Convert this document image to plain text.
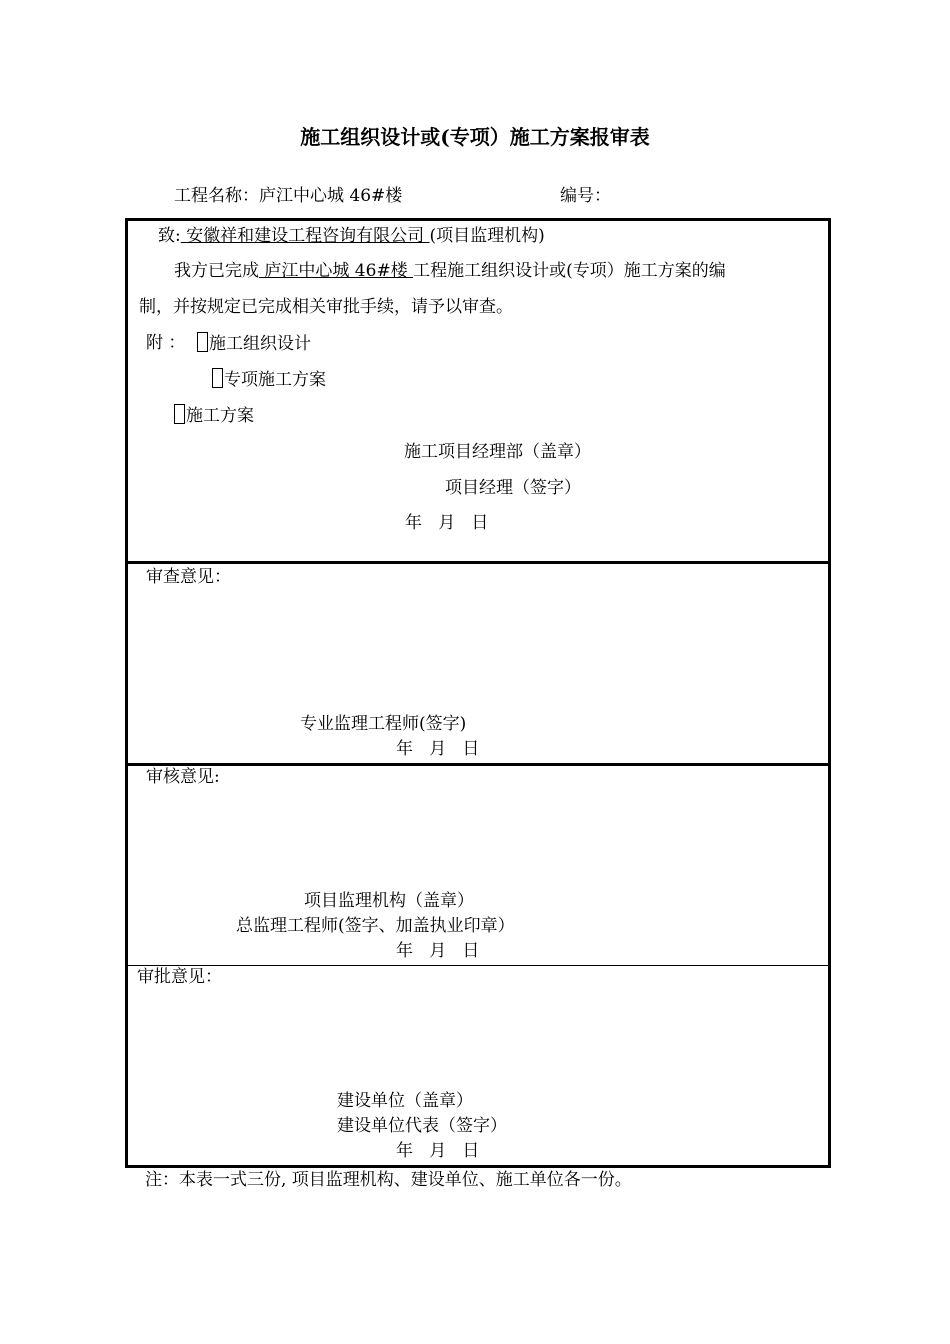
施工组织设计或(专项）施工方案报审表
工程名称：庐江中心城 46#楼	编号：
致: 安徽祥和建设工程咨询有限公司 (项目监理机构)
我方已完成 庐江中心城 46#楼 工程施工组织设计或(专项）施工方案的编
制，并按规定已完成相关审批手续，请予以审查。
附 ：	施工组织设计
专项施工方案
施工方案
施工项目经理部（盖章）
项目经理（签字）
年   月   日
审查意见：
专业监理工程师(签字)
年   月   日
审核意见:
项目监理机构（盖章）
总监理工程师(签字、加盖执业印章）
年   月   日
审批意见：
建设单位（盖章）
建设单位代表（签字）
年   月   日
注：本表一式三份, 项目监理机构、建设单位、施工单位各一份。
